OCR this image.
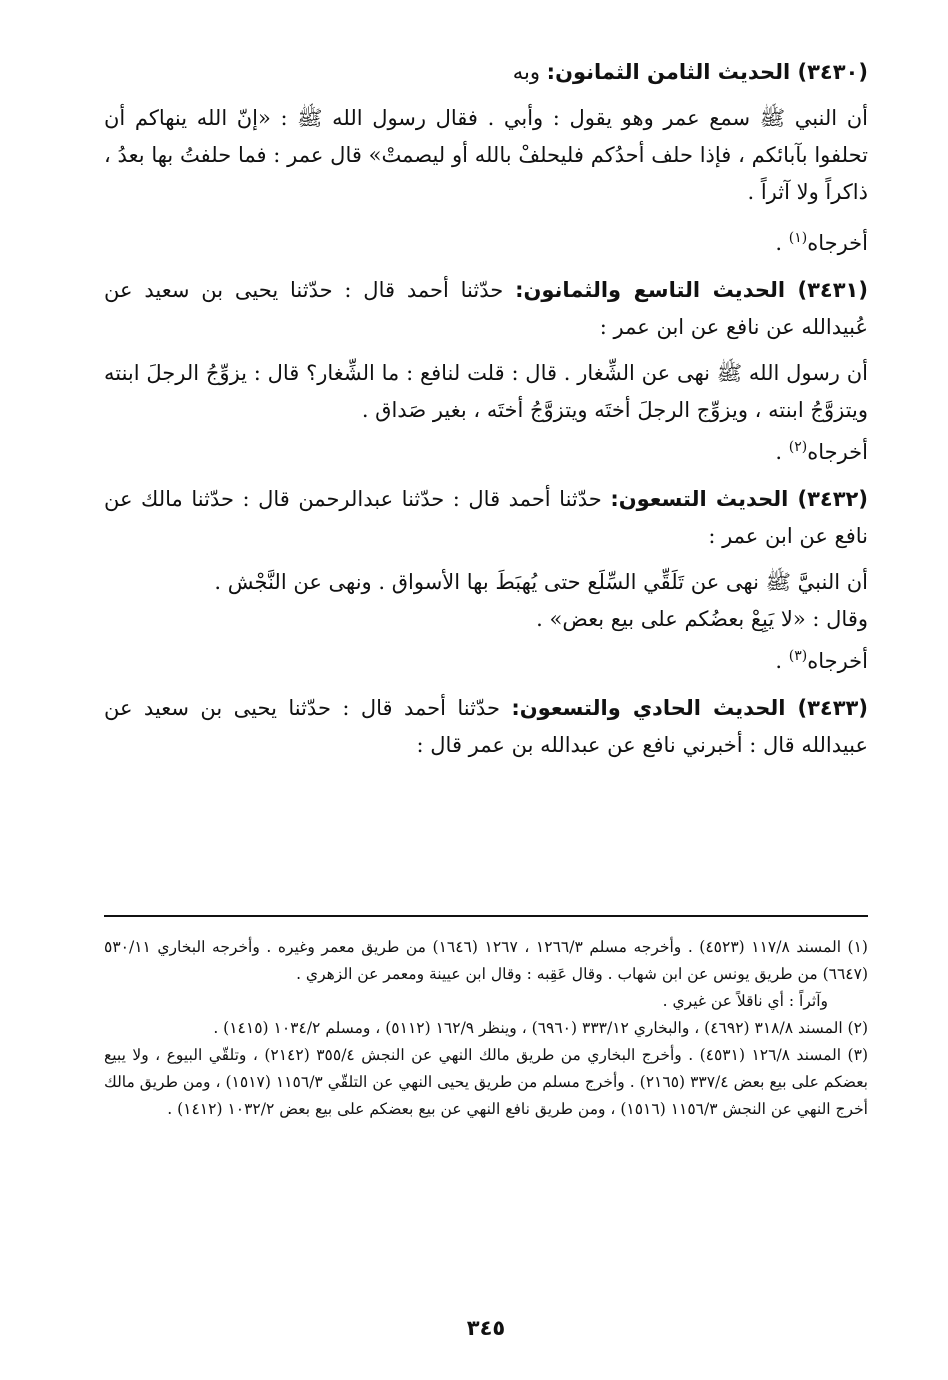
(٣٤٣٠) الحديث الثامن الثمانون: وبه

أن النبي ﷺ سمع عمر وهو يقول : وأبي . فقال رسول الله ﷺ : «إنّ الله ينهاكم أن تحلفوا بآبائكم ، فإذا حلف أحدُكم فليحلفْ بالله أو ليصمتْ» قال عمر : فما حلفتُ بها بعدُ ، ذاكراً ولا آثراً .

أخرجاه$^{(١)}$ .

(٣٤٣١) الحديث التاسع والثمانون: حدّثنا أحمد قال : حدّثنا يحيى بن سعيد عن عُبيدالله عن نافع عن ابن عمر :

أن رسول الله ﷺ نهى عن الشِّغار . قال : قلت لنافع : ما الشِّغار؟ قال : يزوِّجُ الرجلَ ابنته ويتزوَّجُ ابنته ، ويزوِّج الرجلَ أختَه ويتزوَّجُ أختَه ، بغير صَداق .

أخرجاه$^{(٢)}$ .

(٣٤٣٢) الحديث التسعون: حدّثنا أحمد قال : حدّثنا عبدالرحمن قال : حدّثنا مالك عن نافع عن ابن عمر :

أن النبيَّ ﷺ نهى عن تَلَقِّي السِّلَع حتى يُهبَطَ بها الأسواق . ونهى عن النَّجْش .

وقال : «لا يَبِعْ بعضُكم على بيع بعض» .

أخرجاه$^{(٣)}$ .

(٣٤٣٣) الحديث الحادي والتسعون: حدّثنا أحمد قال : حدّثنا يحيى بن سعيد عن عبيدالله قال : أخبرني نافع عن عبدالله بن عمر قال :

(١) المسند ١١٧/٨ (٤٥٢٣) . وأخرجه مسلم ١٢٦٦/٣ ، ١٢٦٧ (١٦٤٦) من طريق معمر وغيره . وأخرجه البخاري ٥٣٠/١١ (٦٦٤٧) من طريق يونس عن ابن شهاب . وقال عَقِبه : وقال ابن عيينة ومعمر عن الزهري .

وآثراً : أي ناقلاً عن غيري .

(٢) المسند ٣١٨/٨ (٤٦٩٢) ، والبخاري ٣٣٣/١٢ (٦٩٦٠) ، وينظر ١٦٢/٩ (٥١١٢) ، ومسلم ١٠٣٤/٢ (١٤١٥) .

(٣) المسند ١٢٦/٨ (٤٥٣١) . وأخرج البخاري من طريق مالك النهي عن النجش ٣٥٥/٤ (٢١٤٢) ، وتلقّي البيوع ، ولا يبيع بعضكم على بيع بعض ٣٣٧/٤ (٢١٦٥) . وأخرج مسلم من طريق يحيى النهي عن التلقّي ١١٥٦/٣ (١٥١٧) ، ومن طريق مالك أخرج النهي عن النجش ١١٥٦/٣ (١٥١٦) ، ومن طريق نافع النهي عن بيع بعضكم على بيع بعض ١٠٣٢/٢ (١٤١٢) .

٣٤٥
